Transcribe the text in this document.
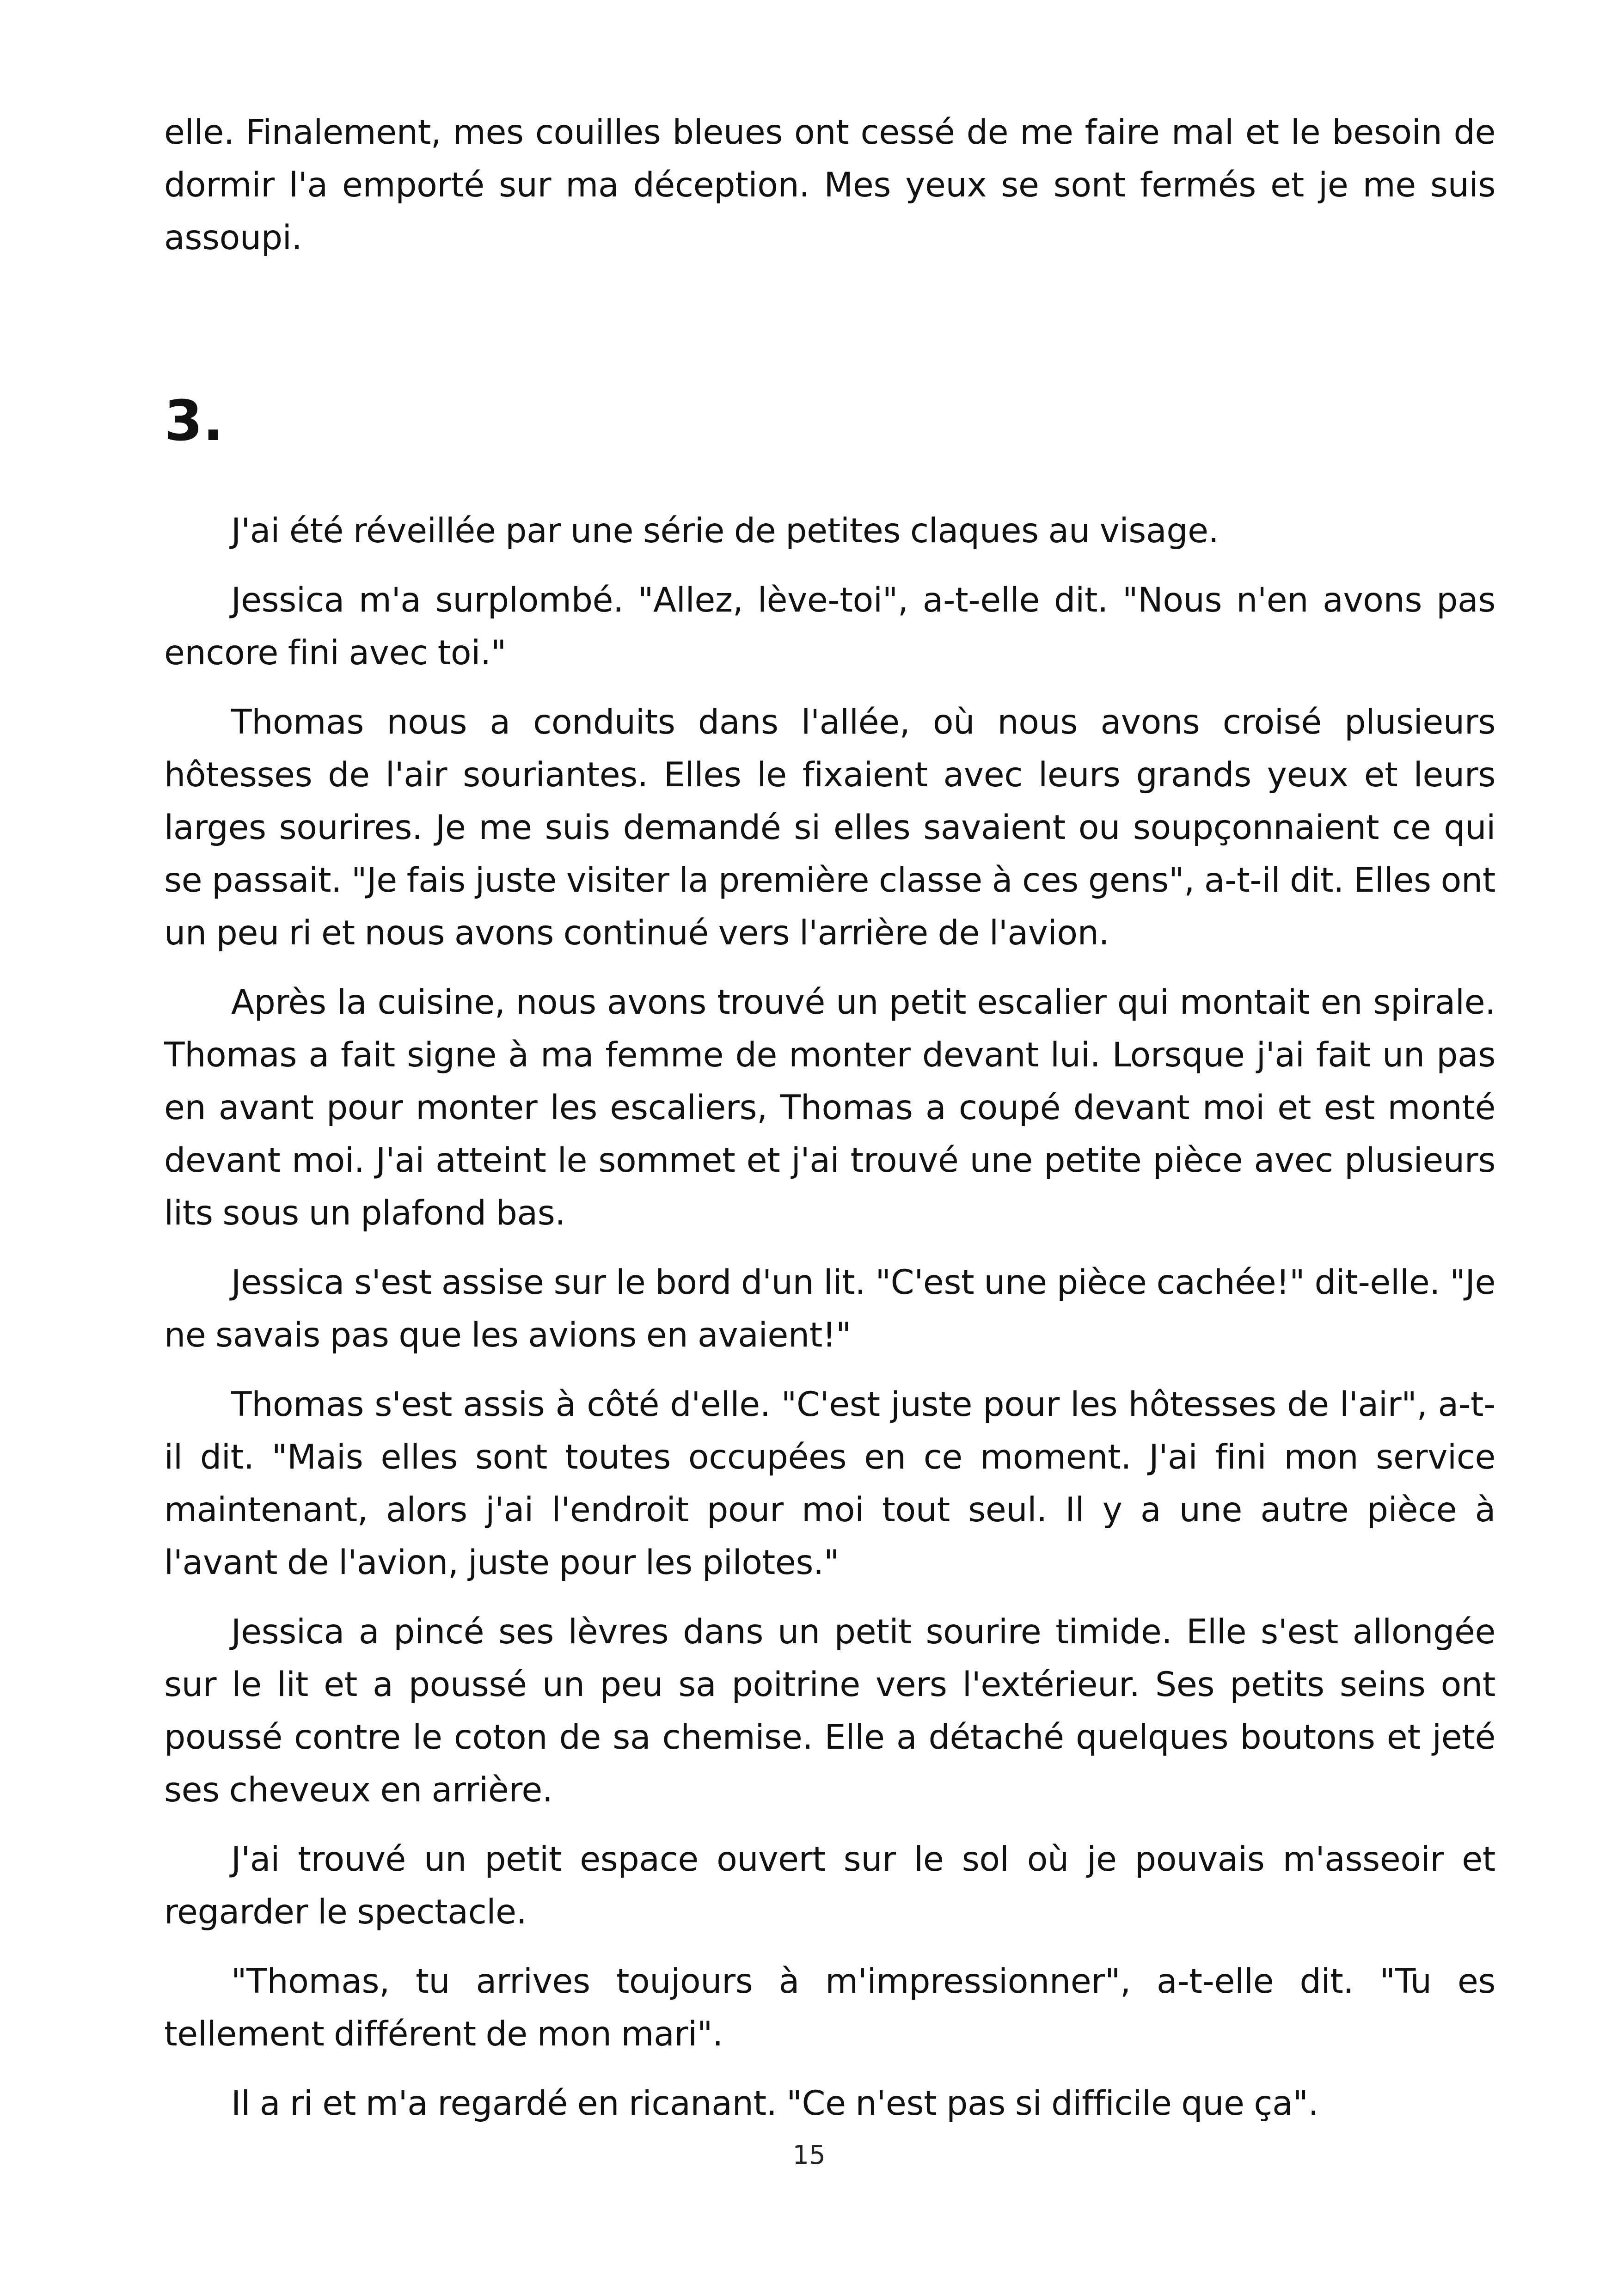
elle. Finalement, mes couilles bleues ont cessé de me faire mal et le besoin de dormir l'a emporté sur ma déception. Mes yeux se sont fermés et je me suis assoupi.

3.

J'ai été réveillée par une série de petites claques au visage.

Jessica m'a surplombé. "Allez, lève-toi", a-t-elle dit. "Nous n'en avons pas encore fini avec toi."

Thomas nous a conduits dans l'allée, où nous avons croisé plusieurs hôtesses de l'air souriantes. Elles le fixaient avec leurs grands yeux et leurs larges sourires. Je me suis demandé si elles savaient ou soupçonnaient ce qui se passait. "Je fais juste visiter la première classe à ces gens", a-t-il dit. Elles ont un peu ri et nous avons continué vers l'arrière de l'avion.

Après la cuisine, nous avons trouvé un petit escalier qui montait en spirale. Thomas a fait signe à ma femme de monter devant lui. Lorsque j'ai fait un pas en avant pour monter les escaliers, Thomas a coupé devant moi et est monté devant moi. J'ai atteint le sommet et j'ai trouvé une petite pièce avec plusieurs lits sous un plafond bas.

Jessica s'est assise sur le bord d'un lit. "C'est une pièce cachée!" dit-elle. "Je ne savais pas que les avions en avaient!"

Thomas s'est assis à côté d'elle. "C'est juste pour les hôtesses de l'air", a-t-il dit. "Mais elles sont toutes occupées en ce moment. J'ai fini mon service maintenant, alors j'ai l'endroit pour moi tout seul. Il y a une autre pièce à l'avant de l'avion, juste pour les pilotes."

Jessica a pincé ses lèvres dans un petit sourire timide. Elle s'est allongée sur le lit et a poussé un peu sa poitrine vers l'extérieur. Ses petits seins ont poussé contre le coton de sa chemise. Elle a détaché quelques boutons et jeté ses cheveux en arrière.

J'ai trouvé un petit espace ouvert sur le sol où je pouvais m'asseoir et regarder le spectacle.

"Thomas, tu arrives toujours à m'impressionner", a-t-elle dit. "Tu es tellement différent de mon mari".

Il a ri et m'a regardé en ricanant. "Ce n'est pas si difficile que ça".

15
